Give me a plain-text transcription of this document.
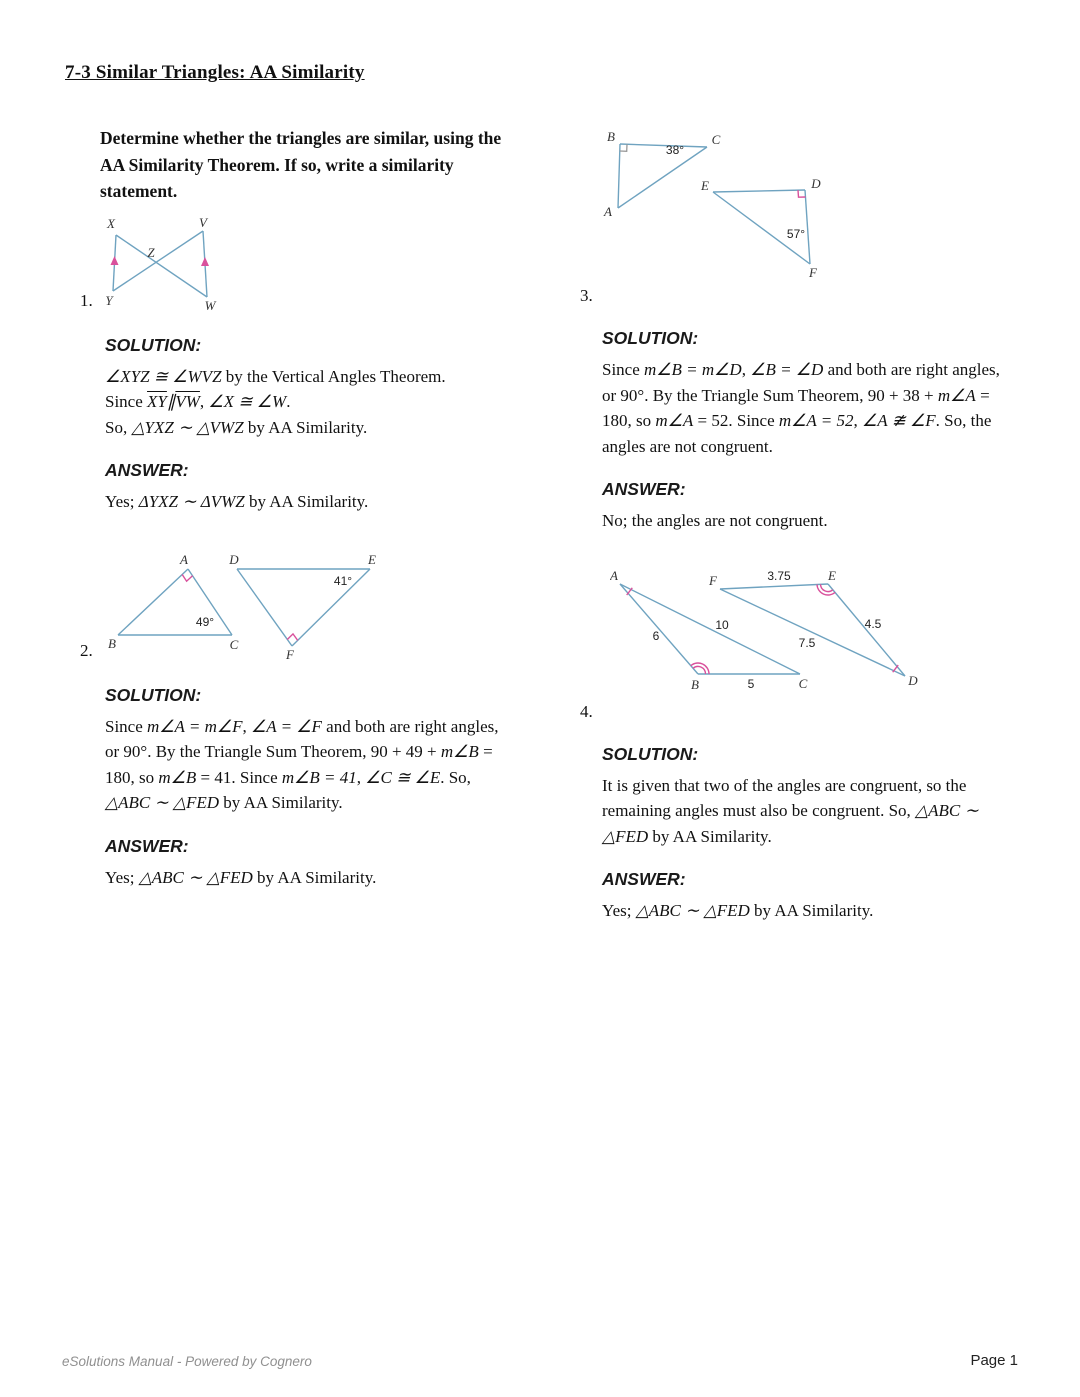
7-3 Similar Triangles: AA Similarity
Determine whether the triangles are similar, using the AA Similarity Theorem. If so, write a similarity statement.
1.
X	V
Z
Y	W
SOLUTION:

∠XYZ ≅ ∠WVZ by the Vertical Angles Theorem.
Since $\overline{XY}\parallel\overline{VW}$, ∠X ≅ ∠W.
So, △YXZ ∼ △VWZ by AA Similarity.

ANSWER:

Yes; ΔYXZ ∼ ΔVWZ by AA Similarity.

2.
49°
41°
A
B	C
D	E
F
SOLUTION:

Since m∠A = m∠F, ∠A = ∠F and both are right angles, or 90°. By the Triangle Sum Theorem, 90 + 49 + m∠B = 180, so m∠B = 41. Since m∠B = 41, ∠C ≅ ∠E. So, △ABC ∼ △FED by AA Similarity.

ANSWER:

Yes; △ABC ∼ △FED by AA Similarity.

38°
B	C
A
57°
E	D
F
3.
SOLUTION:

Since m∠B = m∠D, ∠B = ∠D and both are right angles, or 90°. By the Triangle Sum Theorem, 90 + 38 + m∠A = 180, so m∠A = 52. Since m∠A = 52, ∠A ≇ ∠F. So, the angles are not congruent.

ANSWER:

No; the angles are not congruent.

6
10
5
3.75
7.5
4.5
A
B	C
F	E
D
4.
SOLUTION:

It is given that two of the angles are congruent, so the remaining angles must also be congruent. So, △ABC ∼ △FED by AA Similarity.

ANSWER:

Yes; △ABC ∼ △FED by AA Similarity.

eSolutions Manual - Powered by Cognero	Page 1
